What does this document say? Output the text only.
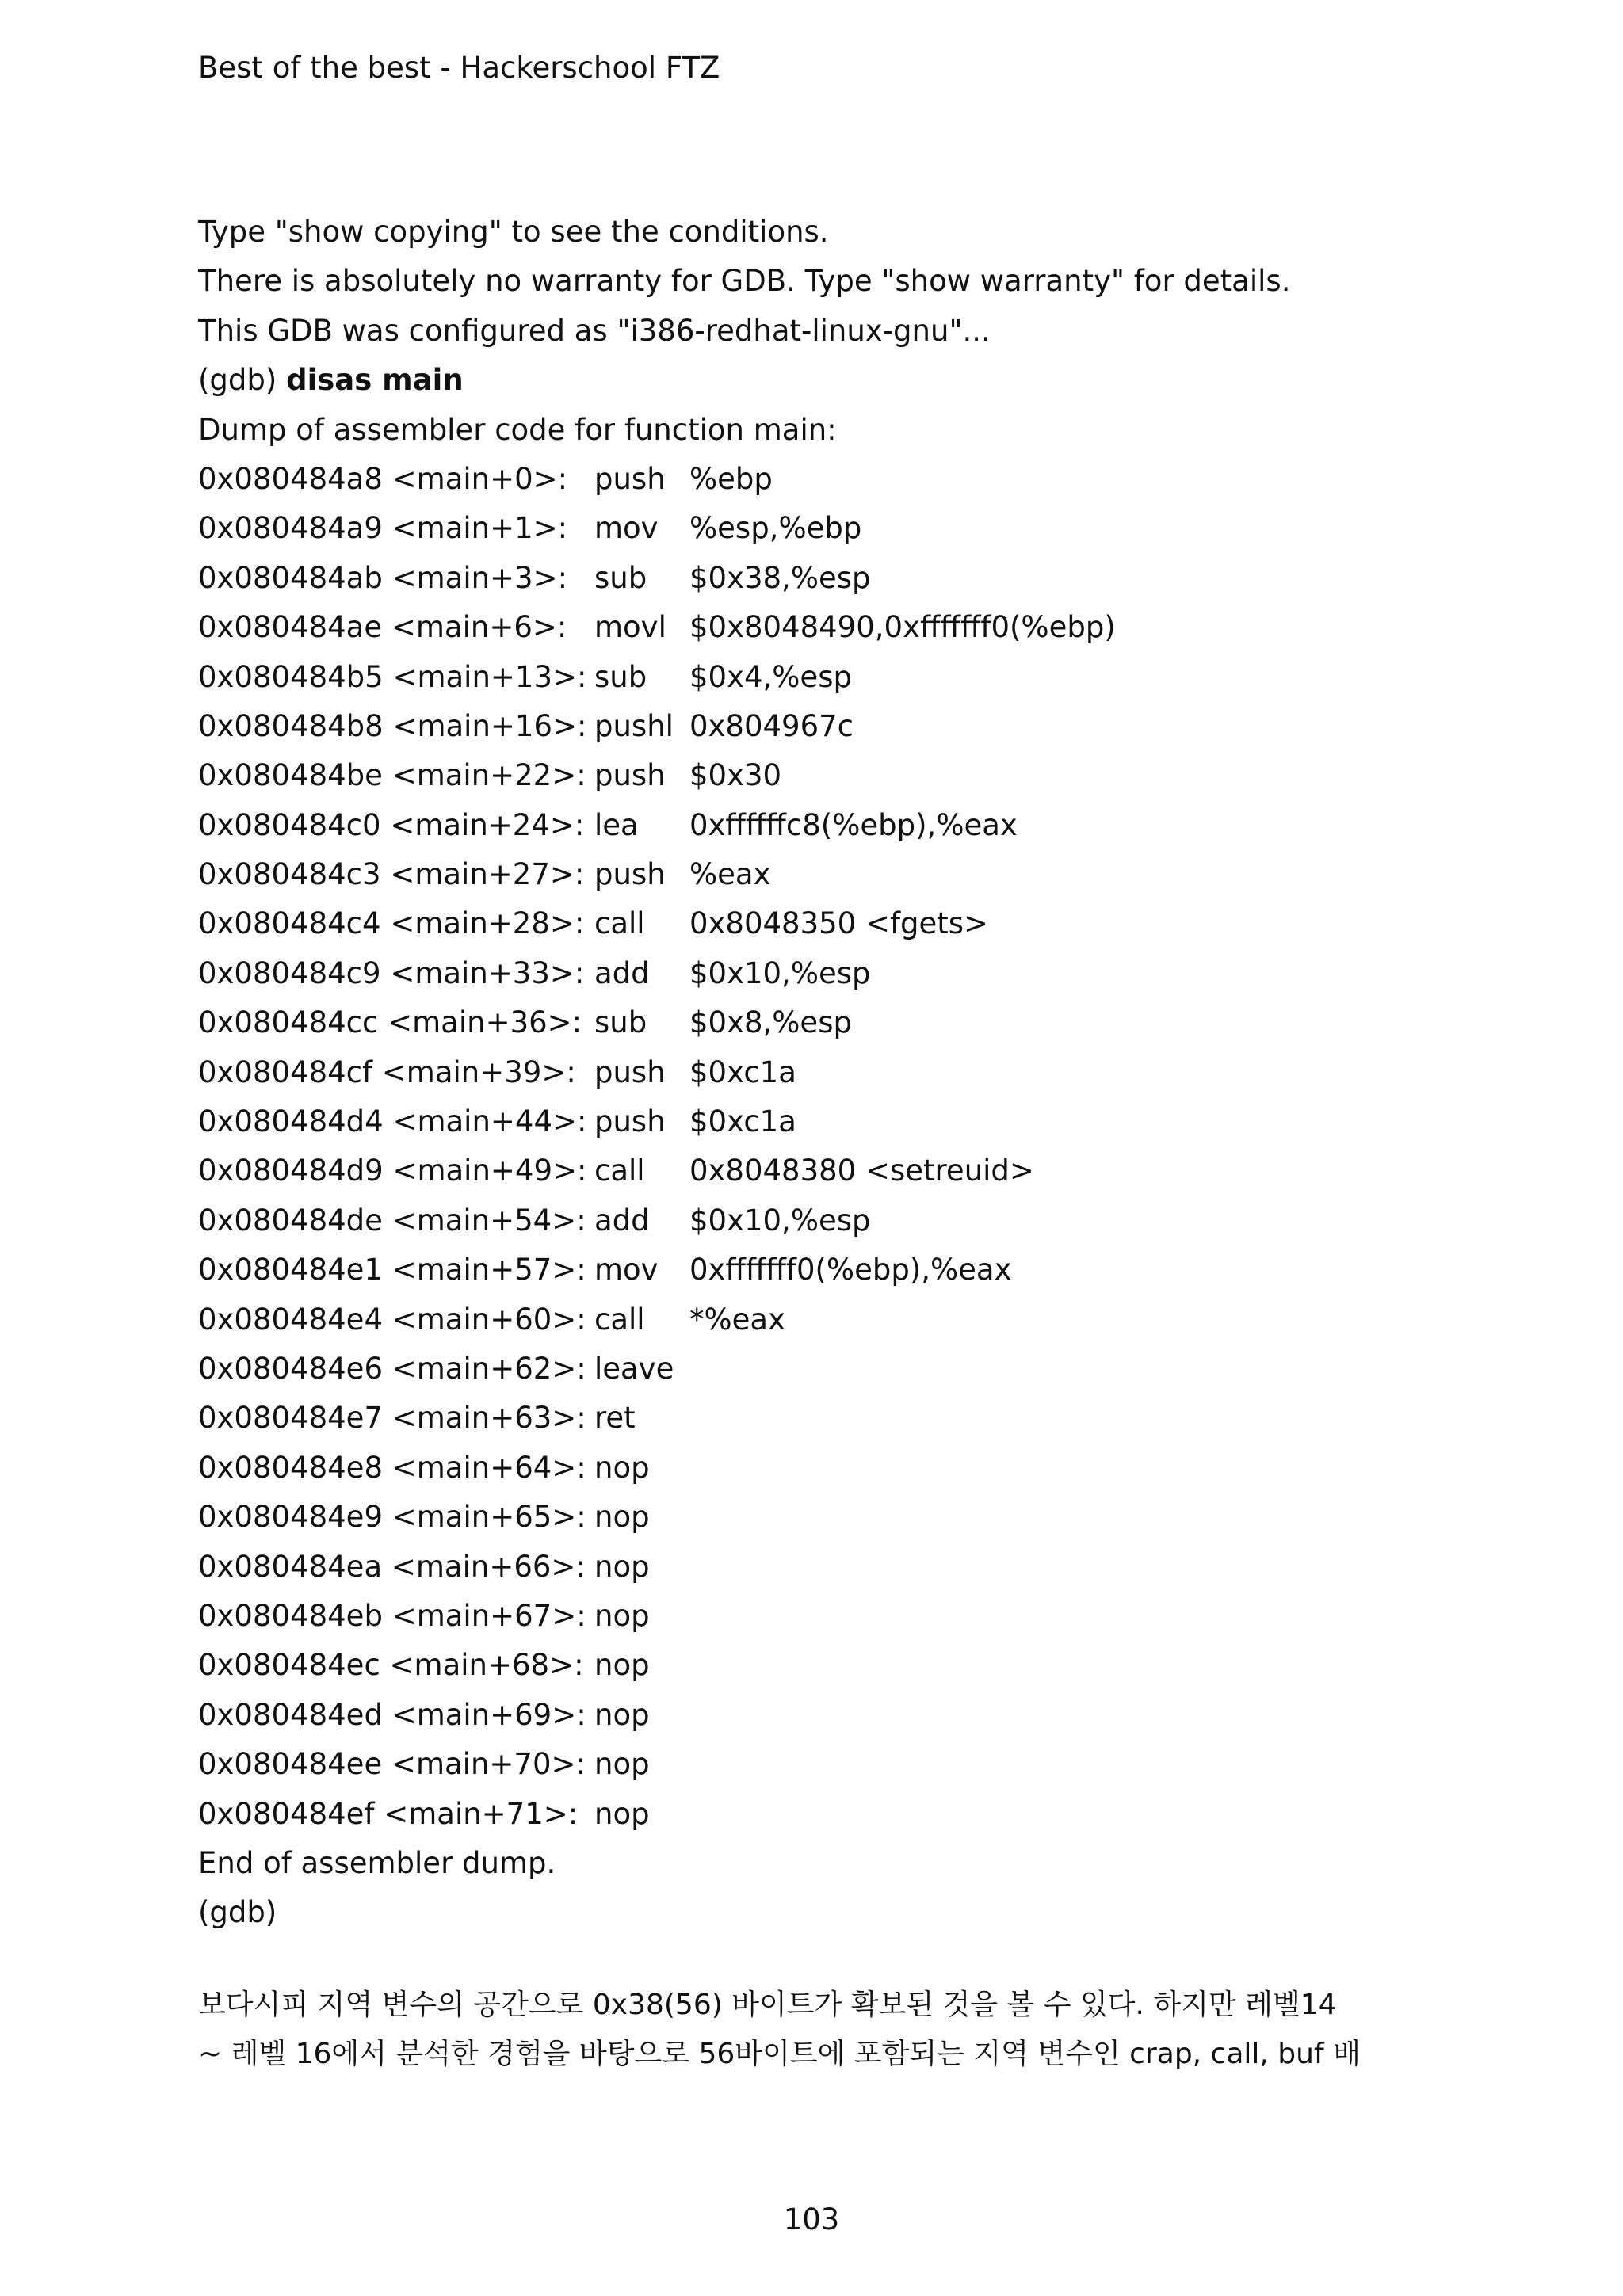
Best of the best - Hackerschool FTZ
Type "show copying" to see the conditions.
There is absolutely no warranty for GDB. Type "show warranty" for details.
This GDB was configured as "i386-redhat-linux-gnu"...
(gdb) disas main
Dump of assembler code for function main:
0x080484a8 <main+0>: push %ebp
0x080484a9 <main+1>: mov	%esp,%ebp
0x080484ab <main+3>: sub	$0x38,%esp
0x080484ae <main+6>: movl $0x8048490,0xfffffff0(%ebp)
0x080484b5 <main+13>: sub	$0x4,%esp
0x080484b8 <main+16>: pushl 0x804967c
0x080484be <main+22>: push $0x30
0x080484c0 <main+24>: lea	0xffffffc8(%ebp),%eax
0x080484c3 <main+27>: push %eax
0x080484c4 <main+28>: call	0x8048350 <fgets>
0x080484c9 <main+33>: add	$0x10,%esp
0x080484cc <main+36>: sub	$0x8,%esp
0x080484cf <main+39>: push $0xc1a
0x080484d4 <main+44>: push $0xc1a
0x080484d9 <main+49>: call	0x8048380 <setreuid>
0x080484de <main+54>: add	$0x10,%esp
0x080484e1 <main+57>: mov	0xfffffff0(%ebp),%eax
0x080484e4 <main+60>: call	*%eax
0x080484e6 <main+62>: leave
0x080484e7 <main+63>: ret
0x080484e8 <main+64>: nop
0x080484e9 <main+65>: nop
0x080484ea <main+66>: nop
0x080484eb <main+67>: nop
0x080484ec <main+68>: nop
0x080484ed <main+69>: nop
0x080484ee <main+70>: nop
0x080484ef <main+71>: nop
End of assembler dump.
(gdb)
보다시피 지역 변수의 공간으로 0x38(56) 바이트가 확보된 것을 볼 수 있다. 하지만 레벨14
~ 레벨 16에서 분석한 경험을 바탕으로 56바이트에 포함되는 지역 변수인 crap, call, buf 배
103
